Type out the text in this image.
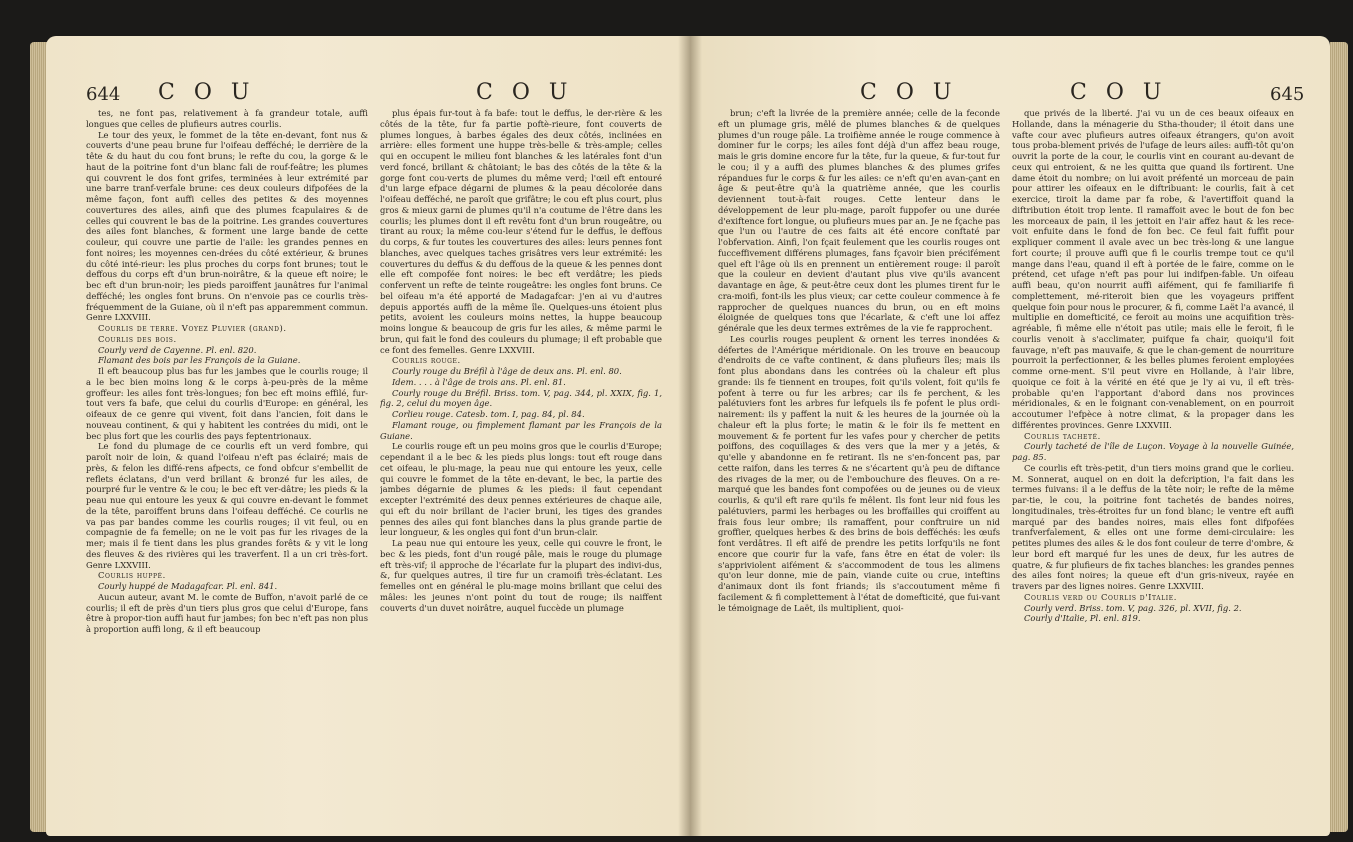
644 C O U	C O U

tes, ne font pas, relativement à fa grandeur totale, auffi longues que celles de plufieurs autres courlis.

Le tour des yeux, le fommet de la tête en-devant, font nus & couverts d'une peau brune fur l'oifeau defféché; le derrière de la tête & du haut du cou font bruns; le refte du cou, la gorge & le haut de la poitrine font d'un blanc fali de rouf-feâtre; les plumes qui couvrent le dos font grifes, terminées à leur extrémité par une barre tranf-verfale brune: ces deux couleurs difpofées de la même façon, font auffi celles des petites & des moyennes couvertures des ailes, ainfi que des plumes fcapulaires & de celles qui couvrent le bas de la poitrine. Les grandes couvertures des ailes font blanches, & forment une large bande de cette couleur, qui couvre une partie de l'aile: les grandes pennes en font noires; les moyennes cen-drées du côté extérieur, & brunes du côté inté-rieur: les plus proches du corps font brunes; tout le deffous du corps eft d'un brun-noirâtre, & la queue eft noire; le bec eft d'un brun-noir; les pieds paroiffent jaunâtres fur l'animal defféché; les ongles font bruns. On n'envoie pas ce courlis très-fréquemment de la Guiane, où il n'eft pas apparemment commun. Genre LXXVIII.

Courlis de terre. Voyez Pluvier (grand).

Courlis des bois.

Courly verd de Cayenne. Pl. enl. 820.

Flamant des bois par les François de la Guiane.

Il eft beaucoup plus bas fur les jambes que le courlis rouge; il a le bec bien moins long & le corps à-peu-près de la même groffeur: les ailes font très-longues; fon bec eft moins effilé, fur-tout vers fa bafe, que celui du courlis d'Europe: en général, les oifeaux de ce genre qui vivent, foit dans l'ancien, foit dans le nouveau continent, & qui y habitent les contrées du midi, ont le bec plus fort que les courlis des pays feptentrionaux.

Le fond du plumage de ce courlis eft un verd fombre, qui paroît noir de loin, & quand l'oifeau n'eft pas éclairé; mais de près, & felon les diffé-rens afpects, ce fond obfcur s'embellit de reflets éclatans, d'un verd brillant & bronzé fur les ailes, de pourpré fur le ventre & le cou; le bec eft ver-dâtre; les pieds & la peau nue qui entoure les yeux & qui couvre en-devant le fommet de la tête, paroiffent bruns dans l'oifeau defféché. Ce courlis ne va pas par bandes comme les courlis rouges; il vit feul, ou en compagnie de fa femelle; on ne le voit pas fur les rivages de la mer; mais il fe tient dans les plus grandes forêts & y vit le long des fleuves & des rivières qui les traverfent. Il a un cri très-fort. Genre LXXVIII.

Courlis huppé.

Courly huppé de Madagafcar. Pl. enl. 841.

Aucun auteur, avant M. le comte de Buffon, n'avoit parlé de ce courlis; il eft de près d'un tiers plus gros que celui d'Europe, fans être à propor-tion auffi haut fur jambes; fon bec n'eft pas non plus à proportion auffi long, & il eft beaucoup

plus épais fur-tout à fa bafe: tout le deffus, le der-rière & les côtés de la tête, fur fa partie poftè-rieure, font couverts de plumes longues, à barbes égales des deux côtés, inclinées en arrière: elles forment une huppe très-belle & très-ample; celles qui en occupent le milieu font blanches & les latérales font d'un verd foncé, brillant & châtoiant; le bas des côtés de la tête & la gorge font cou-verts de plumes du même verd; l'œil eft entouré d'un large efpace dégarni de plumes & la peau décolorée dans l'oifeau defféché, ne paroît que grifâtre; le cou eft plus court, plus gros & mieux garni de plumes qu'il n'a coutume de l'être dans les courlis; les plumes dont il eft revêtu font d'un brun rougeâtre, ou tirant au roux; la même cou-leur s'étend fur le deffus, le deffous du corps, & fur toutes les couvertures des ailes: leurs pennes font blanches, avec quelques taches grisâtres vers leur extrémité: les couvertures du deffus & du deffous de la queue & les pennes dont elle eft compofée font noires: le bec eft verdâtre; les pieds confervent un refte de teinte rougeâtre: les ongles font bruns. Ce bel oifeau m'a été apporté de Madagafcar: j'en ai vu d'autres depuis apportés auffi de la même île. Quelques-uns étoient plus petits, avoient les couleurs moins nettes, la huppe beaucoup moins longue & beaucoup de gris fur les ailes, & même parmi le brun, qui fait le fond des couleurs du plumage; il eft probable que ce font des femelles. Genre LXXVIII.

Courlis rouge.

Courly rouge du Bréfil à l'âge de deux ans. Pl. enl. 80.

Idem. . . . à l'âge de trois ans. Pl. enl. 81.

Courly rouge du Bréfil. Briss. tom. V, pag. 344, pl. XXIX, fig. 1, fig. 2, celui du moyen âge.

Corlieu rouge. Catesb. tom. I, pag. 84, pl. 84.

Flamant rouge, ou fimplement flamant par les François de la Guiane.

Le courlis rouge eft un peu moins gros que le courlis d'Europe; cependant il a le bec & les pieds plus longs: tout eft rouge dans cet oifeau, le plu-mage, la peau nue qui entoure les yeux, celle qui couvre le fommet de la tête en-devant, le bec, la partie des jambes dégarnie de plumes & les pieds: il faut cependant excepter l'extrémité des deux pennes extérieures de chaque aile, qui eft du noir brillant de l'acier bruni, les tiges des grandes pennes des ailes qui font blanches dans la plus grande partie de leur longueur, & les ongles qui font d'un brun-clair.

La peau nue qui entoure les yeux, celle qui couvre le front, le bec & les pieds, font d'un rougé pâle, mais le rouge du plumage eft très-vif; il approche de l'écarlate fur la plupart des indivi-dus, &, fur quelques autres, il tire fur un cramoifi très-éclatant. Les femelles ont en général le plu-mage moins brillant que celui des mâles: les jeunes n'ont point du tout de rouge; ils naiffent couverts d'un duvet noirâtre, auquel fuccède un plumage

C O U	C O U	645

brun; c'eft la livrée de la première année; celle de la feconde eft un plumage gris, mêlé de plumes blanches & de quelques plumes d'un rouge pâle. La troifième année le rouge commence à dominer fur le corps; les ailes font déjà d'un affez beau rouge, mais le gris domine encore fur la tête, fur la queue, & fur-tout fur le cou; il y a auffi des plumes blanches & des plumes grifes répandues fur le corps & fur les ailes: ce n'eft qu'en avan-çant en âge & peut-être qu'à la quatrième année, que les courlis deviennent tout-à-fait rouges. Cette lenteur dans le développement de leur plu-mage, paroît fuppofer ou une durée d'exiftence fort longue, ou plufieurs mues par an. Je ne fçache pas que l'un ou l'autre de ces faits ait été encore conftaté par l'obfervation. Ainfi, l'on fçait feulement que les courlis rouges ont fucceffivement différens plumages, fans fçavoir bien précifément quel eft l'âge où ils en prennent un entièrement rouge: il paroît que la couleur en devient d'autant plus vive qu'ils avancent davantage en âge, & peut-être ceux dont les plumes tirent fur le cra-moifi, font-ils les plus vieux; car cette couleur commence à fe rapprocher de quelques nuances du brun, ou en eft moins éloignée de quelques tons que l'écarlate, & c'eft une loi affez générale que les deux termes extrêmes de la vie fe rapprochent.

Les courlis rouges peuplent & ornent les terres inondées & défertes de l'Amérique méridionale. On les trouve en beaucoup d'endroits de ce vafte continent, & dans plufieurs îles; mais ils font plus abondans dans les contrées où la chaleur eft plus grande: ils fe tiennent en troupes, foit qu'ils volent, foit qu'ils fe pofent à terre ou fur les arbres; car ils fe perchent, & les palétuviers font les arbres fur lefquels ils fe pofent le plus ordi-nairement: ils y paffent la nuit & les heures de la journée où la chaleur eft la plus forte; le matin & le foir ils fe mettent en mouvement & fe portent fur les vafes pour y chercher de petits poiffons, des coquillages & des vers que la mer y a jetés, & qu'elle y abandonne en fe retirant. Ils ne s'en-foncent pas, par cette raifon, dans les terres & ne s'écartent qu'à peu de diftance des rivages de la mer, ou de l'embouchure des fleuves. On a re-marqué que les bandes font compofées ou de jeunes ou de vieux courlis, & qu'il eft rare qu'ils fe mêlent. Ils font leur nid fous les palétuviers, parmi les herbages ou les broffailles qui croiffent au frais fous leur ombre; ils ramaffent, pour conftruire un nid groffier, quelques herbes & des brins de bois defféchés: les œufs font verdâtres. Il eft aifé de prendre les petits lorfqu'ils ne font encore que courir fur la vafe, fans être en état de voler: ils s'appriviolent aifément & s'accommodent de tous les alimens qu'on leur donne, mie de pain, viande cuite ou crue, inteftins d'animaux dont ils font friands; ils s'accoutument même fi facilement & fi complettement à l'état de domefticité, que fui-vant le témoignage de Laët, ils multiplient, quoi-

que privés de la liberté. J'ai vu un de ces beaux oifeaux en Hollande, dans la ménagerie du Stha-thouder; il étoit dans une vafte cour avec plufieurs autres oifeaux étrangers, qu'on avoit tous proba-blement privés de l'ufage de leurs ailes: auffi-tôt qu'on ouvrit la porte de la cour, le courlis vint en courant au-devant de ceux qui entroient, & ne les quitta que quand ils fortirent. Une dame étoit du nombre; on lui avoit préfenté un morceau de pain pour attirer les oifeaux en le diftribuant: le courlis, fait à cet exercice, tiroit la dame par fa robe, & l'avertiffoit quand la diftribution étoit trop lente. Il ramaffoit avec le bout de fon bec les morceaux de pain, il les jettoit en l'air affez haut & les rece-voit enfuite dans le fond de fon bec. Ce feul fait fuffit pour expliquer comment il avale avec un bec très-long & une langue fort courte; il prouve auffi que fi le courlis trempe tout ce qu'il mange dans l'eau, quand il eft à portée de le faire, comme on le prétend, cet ufage n'eft pas pour lui indifpen-fable. Un oifeau auffi beau, qu'on nourrit auffi aifément, qui fe familiarife fi complettement, mé-riteroit bien que les voyageurs priffent quelque foin pour nous le procurer, & fi, comme Laët l'a avancé, il multiplie en domefticité, ce feroit au moins une acquifition très-agréable, fi même elle n'étoit pas utile; mais elle le feroit, fi le courlis venoit à s'acclimater, puifque fa chair, quoiqu'il foit fauvage, n'eft pas mauvaife, & que le chan-gement de nourriture pourroit la perfectionner, & les belles plumes feroient employées comme orne-ment. S'il peut vivre en Hollande, à l'air libre, quoique ce foit à la vérité en été que je l'y ai vu, il eft très-probable qu'en l'apportant d'abord dans nos provinces méridionales, & en le foignant con-venablement, on en pourroit accoutumer l'efpèce à notre climat, & la propager dans les différentes provinces. Genre LXXVIII.

Courlis tacheté.

Courly tacheté de l'île de Luçon. Voyage à la nouvelle Guinée, pag. 85.

Ce courlis eft très-petit, d'un tiers moins grand que le corlieu. M. Sonnerat, auquel on en doit la defcription, l'a fait dans les termes fuivans: il a le deffus de la tête noir; le refte de la même par-tie, le cou, la poitrine font tachetés de bandes noires, longitudinales, très-étroites fur un fond blanc; le ventre eft auffi marqué par des bandes noires, mais elles font difpofées tranfverfalement, & elles ont une forme demi-circulaire: les petites plumes des ailes & le dos font couleur de terre d'ombre, & leur bord eft marqué fur les unes de deux, fur les autres de quatre, & fur plufieurs de fix taches blanches: les grandes pennes des ailes font noires; la queue eft d'un gris-niveux, rayée en travers par des lignes noires. Genre LXXVIII.

Courlis verd ou Courlis d'Italie.

Courly verd. Briss. tom. V, pag. 326, pl. XVII, fig. 2.

Courly d'Italie, Pl. enl. 819.
